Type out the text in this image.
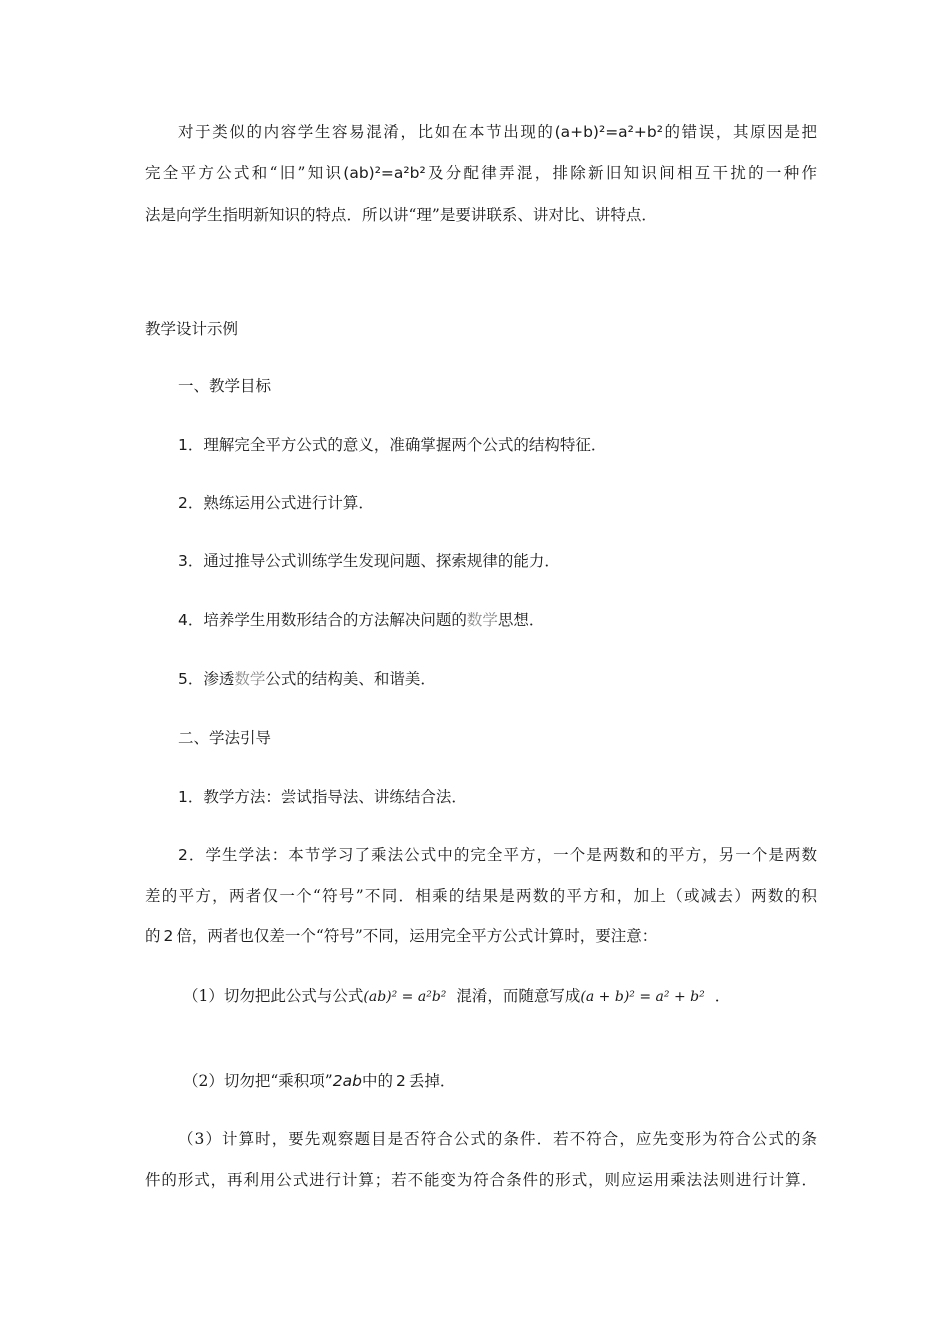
对于类似的内容学生容易混淆，比如在本节出现的(a+b)²=a²+b²的错误，其原因是把
完全平方公式和“旧”知识(ab)²=a²b²及分配律弄混，排除新旧知识间相互干扰的一种作
法是向学生指明新知识的特点．所以讲“理”是要讲联系、讲对比、讲特点．
教学设计示例
一、教学目标
1．理解完全平方公式的意义，准确掌握两个公式的结构特征．
2．熟练运用公式进行计算．
3．通过推导公式训练学生发现问题、探索规律的能力．
4．培养学生用数形结合的方法解决问题的数学思想．
5．渗透数学公式的结构美、和谐美．
二、学法引导
1．教学方法：尝试指导法、讲练结合法．
2．学生学法：本节学习了乘法公式中的完全平方，一个是两数和的平方，另一个是两数
差的平方，两者仅一个“符号”不同．相乘的结果是两数的平方和，加上（或减去）两数的积
的 2 倍，两者也仅差一个“符号”不同，运用完全平方公式计算时，要注意：
（1）切勿把此公式与公式(ab)² = a²b² 混淆，而随意写成(a + b)² = a² + b² ．
（2）切勿把“乘积项”2ab中的 2 丢掉．
（3）计算时，要先观察题目是否符合公式的条件．若不符合，应先变形为符合公式的条
件的形式，再利用公式进行计算；若不能变为符合条件的形式，则应运用乘法法则进行计算．
